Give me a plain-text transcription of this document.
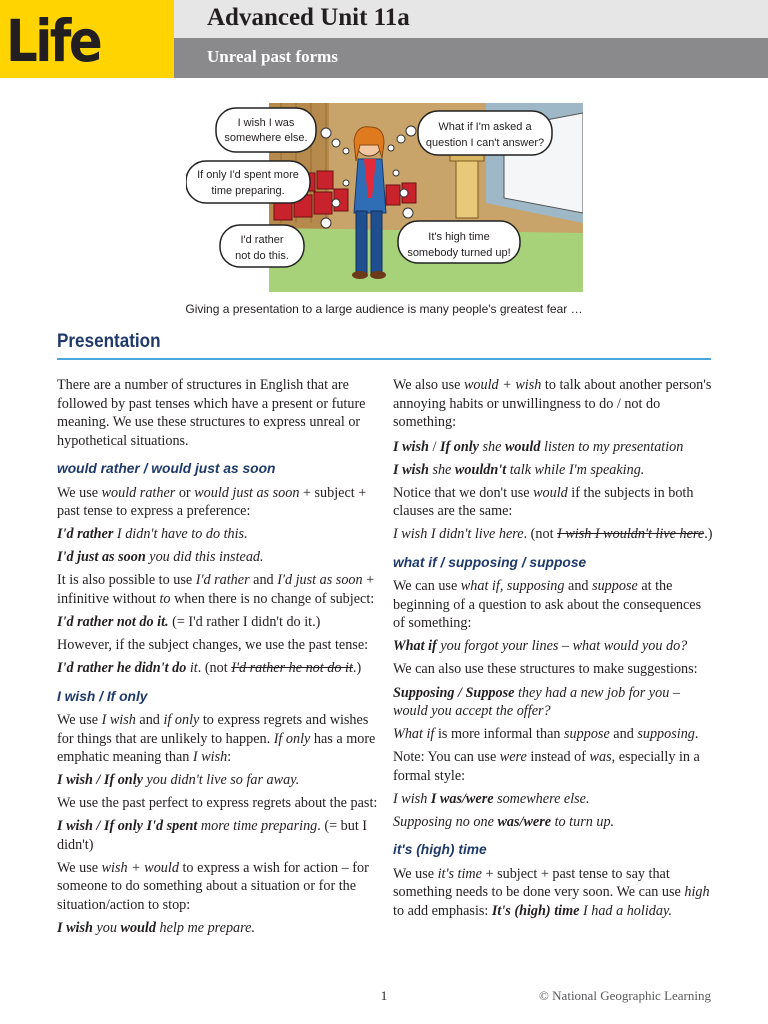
Life	Advanced Unit 11a
Unreal past forms
I wish I was
somewhere else.
If only I'd spent more
time preparing.
I'd rather
not do this.
What if I'm asked a
question I can't answer?
It's high time
somebody turned up!
Giving a presentation to a large audience is many people's greatest fear …
Presentation

There are a number of structures in English that are followed by past tenses which have a present or future meaning. We use these structures to express unreal or hypothetical situations.

would rather / would just as soon

We use would rather or would just as soon + subject + past tense to express a preference:

I'd rather I didn't have to do this.

I'd just as soon you did this instead.

It is also possible to use I'd rather and I'd just as soon + infinitive without to when there is no change of subject:

I'd rather not do it. (= I'd rather I didn't do it.)

However, if the subject changes, we use the past tense:

I'd rather he didn't do it. (not I'd rather he not do it.)

I wish / If only

We use I wish and if only to express regrets and wishes for things that are unlikely to happen. If only has a more emphatic meaning than I wish:

I wish / If only you didn't live so far away.

We use the past perfect to express regrets about the past:

I wish / If only I'd spent more time preparing. (= but I didn't)

We use wish + would to express a wish for action – for someone to do something about a situation or for the situation/action to stop:

I wish you would help me prepare.

We also use would + wish to talk about another person's annoying habits or unwillingness to do / not do something:

I wish / If only she would listen to my presentation

I wish she wouldn't talk while I'm speaking.

Notice that we don't use would if the subjects in both clauses are the same:

I wish I didn't live here. (not I wish I wouldn't live here.)

what if / supposing / suppose

We can use what if, supposing and suppose at the beginning of a question to ask about the consequences of something:

What if you forgot your lines – what would you do?

We can also use these structures to make suggestions:

Supposing / Suppose they had a new job for you – would you accept the offer?

What if is more informal than suppose and supposing.

Note: You can use were instead of was, especially in a formal style:

I wish I was/were somewhere else.

Supposing no one was/were to turn up.

it's (high) time

We use it's time + subject + past tense to say that something needs to be done very soon. We can use high to add emphasis: It's (high) time I had a holiday.

1	© National Geographic Learning
